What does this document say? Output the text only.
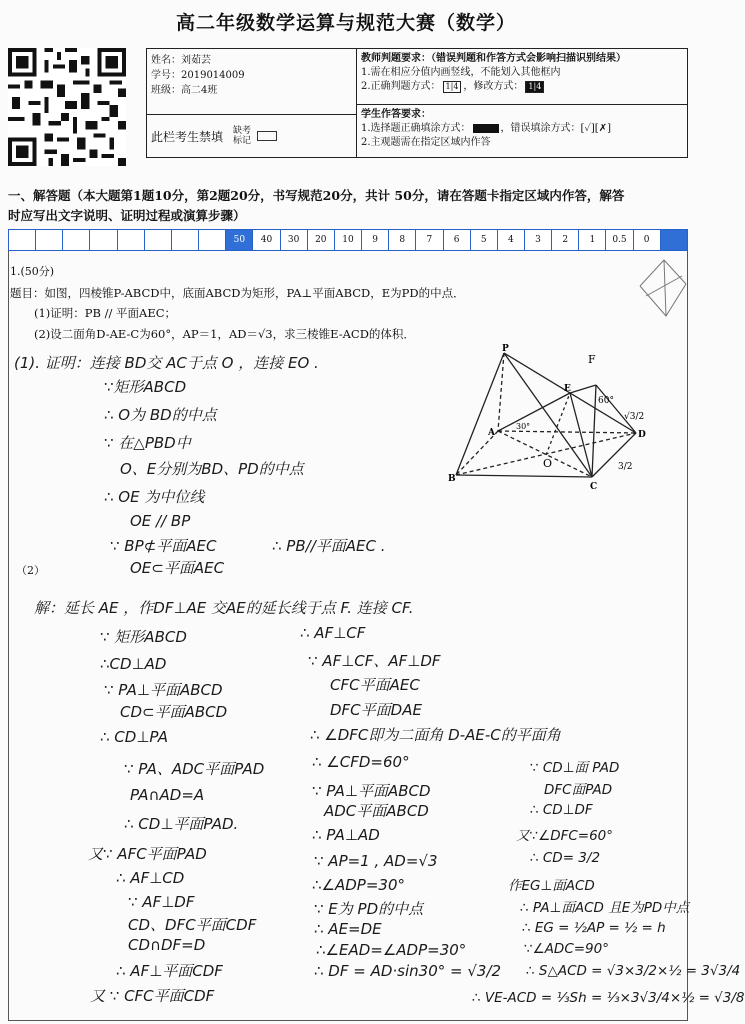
高二年级数学运算与规范大赛（数学）
姓名：刘茹芸
学号：2019014009
班级：高二4班
此栏考生禁填 缺考
标记
教师判题要求：（错误判题和作答方式会影响扫描识别结果）
1.需在相应分值内画竖线，不能划入其他框内
2.正确判题方式： 1|4 ，修改方式： 1|4
学生作答要求：
1.选择题正确填涂方式：	，错误填涂方式：[✓][✗]
2.主观题需在指定区域内作答
一、解答题（本大题第1题10分，第2题20分，书写规范20分，共计 50分，请在答题卡指定区域内作答，解答
时应写出文字说明、证明过程或演算步骤）
50	40	30	20	10	9	8	7	6	5	4	3	2	1	0.5	0
1.(50分)
题目：如图，四棱锥P-ABCD中，底面ABCD为矩形，PA⊥平面ABCD，E为PD的中点．
(1)证明：PB // 平面AEC；
(2)设二面角D-AE-C为60°，AP＝1，AD＝√3，求三棱锥E-ACD的体积．
（2）
P
A
B
C
D
E
O
F
60°
30°
√3/2
3/2
(1). 证明：连接 BD交 AC于点 O ，连接 EO .
∵矩形ABCD
∴ O为 BD的中点
∵ 在△PBD中
O、E分别为BD、PD的中点
∴ OE 为中位线
OE // BP
∵ BP⊄平面AEC
OE⊂平面AEC
∴ PB//平面AEC .
解：延长 AE ，作DF⊥AE 交AE的延长线于点 F. 连接 CF.
∵ 矩形ABCD
∴CD⊥AD
∵ PA⊥平面ABCD
CD⊂平面ABCD
∴ CD⊥PA
∵ PA、ADC平面PAD
PA∩AD=A
∴ CD⊥平面PAD.
又∵ AFC平面PAD
∴ AF⊥CD
∵ AF⊥DF
CD、DFC平面CDF
CD∩DF=D
∴ AF⊥平面CDF
又 ∵ CFC平面CDF
∴ AF⊥CF
∵ AF⊥CF、AF⊥DF
CFC平面AEC
DFC平面DAE
∴ ∠DFC即为二面角 D-AE-C的平面角
∴ ∠CFD=60°
∵ PA⊥平面ABCD
ADC平面ABCD
∴ PA⊥AD
∵ AP=1 , AD=√3
∴∠ADP=30°
∵ E为 PD的中点
∴ AE=DE
∴∠EAD=∠ADP=30°
∴ DF = AD·sin30° = √3/2
∵ CD⊥面 PAD
DFC面PAD
∴ CD⊥DF
又∵∠DFC=60°
∴ CD= 3/2
作EG⊥面ACD
∴ PA⊥面ACD 且E为PD中点
∴ EG = ½AP = ½ = h
∵∠ADC=90°
∴ S△ACD = √3×3/2×½ = 3√3/4
∴ VE-ACD = ⅓Sh = ⅓×3√3/4×½ = √3/8
